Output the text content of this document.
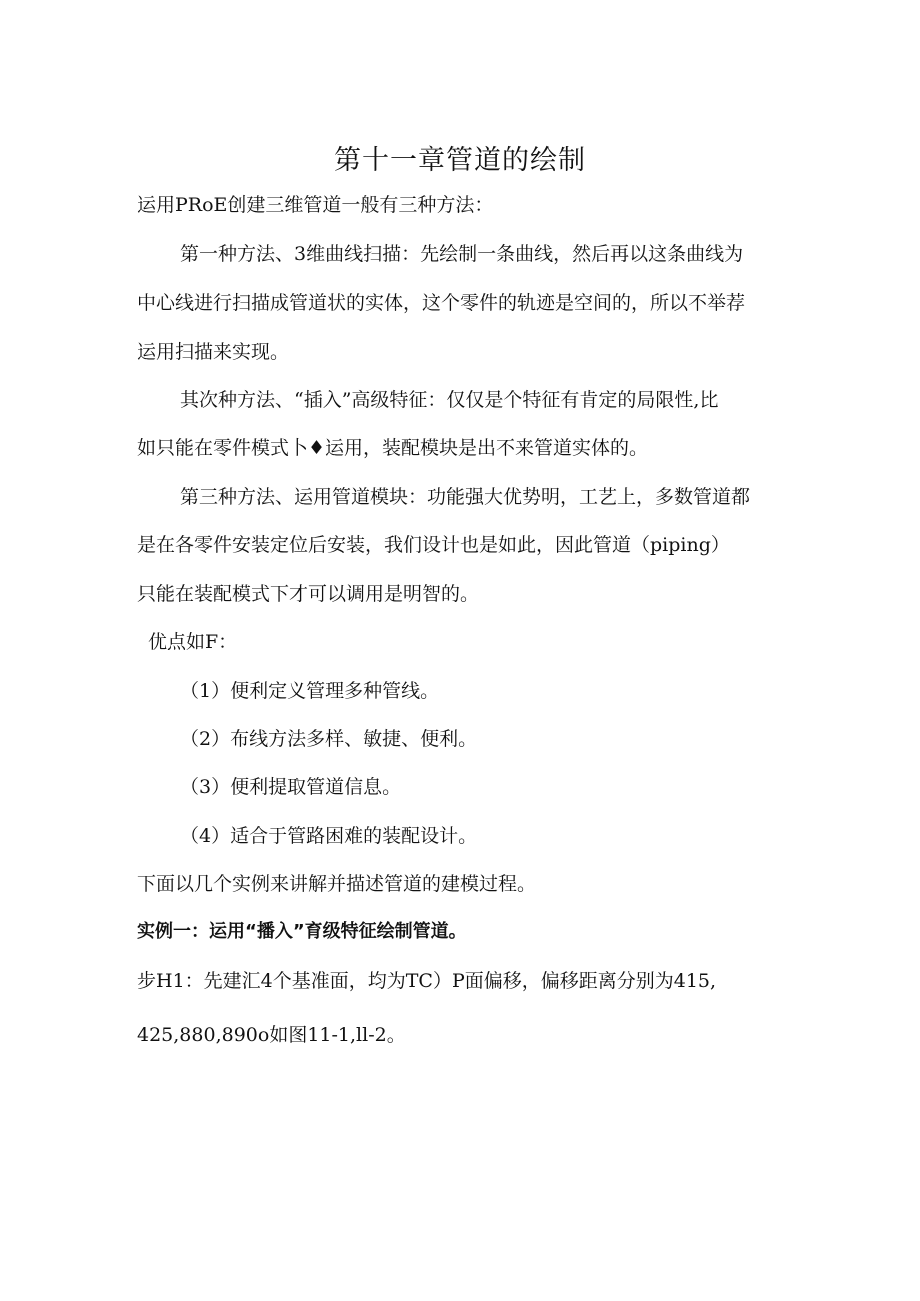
第十一章管道的绘制

运用PRoE创建三维管道一般有三种方法：

第一种方法、3维曲线扫描：先绘制一条曲线，然后再以这条曲线为

中心线进行扫描成管道状的实体，这个零件的轨迹是空间的，所以不举荐

运用扫描来实现。

其次种方法、“插入”高级特征：仅仅是个特征有肯定的局限性,比

如只能在零件模式卜♦运用，装配模块是出不来管道实体的。

第三种方法、运用管道模块：功能强大优势明，工艺上，多数管道都

是在各零件安装定位后安装，我们设计也是如此，因此管道（piping）

只能在装配模式下才可以调用是明智的。

优点如F：

（1）便利定义管理多种管线。

（2）布线方法多样、敏捷、便利。

（3）便利提取管道信息。

（4）适合于管路困难的装配设计。

下面以几个实例来讲解并描述管道的建模过程。

实例一：运用“播入”育级特征绘制管道。

步H1：先建汇4个基准面，均为TC）P面偏移，偏移距离分别为415,

425,880,890o如图11-1,ll-2。
